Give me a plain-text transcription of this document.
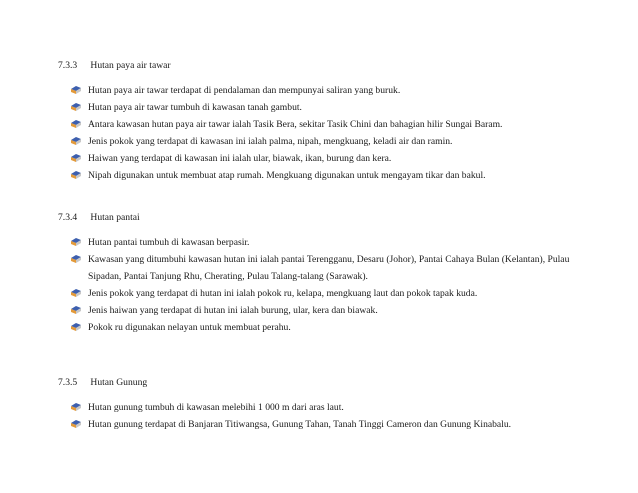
7.3.3 Hutan paya air tawar
Hutan paya air tawar terdapat di pendalaman dan mempunyai saliran yang buruk.
Hutan paya air tawar tumbuh di kawasan tanah gambut.
Antara kawasan hutan paya air tawar ialah Tasik Bera, sekitar Tasik Chini dan bahagian hilir Sungai Baram.
Jenis pokok yang terdapat di kawasan ini ialah palma, nipah, mengkuang, keladi air dan ramin.
Haiwan yang terdapat di kawasan ini ialah ular, biawak, ikan, burung dan kera.
Nipah digunakan untuk membuat atap rumah. Mengkuang digunakan untuk mengayam tikar dan bakul.
7.3.4 Hutan pantai
Hutan pantai tumbuh di kawasan berpasir.
Kawasan yang ditumbuhi kawasan hutan ini ialah pantai Terengganu, Desaru (Johor), Pantai Cahaya Bulan (Kelantan), Pulau Sipadan, Pantai Tanjung Rhu, Cherating, Pulau Talang-talang (Sarawak).
Jenis pokok yang terdapat di hutan ini ialah pokok ru, kelapa, mengkuang laut dan pokok tapak kuda.
Jenis haiwan yang terdapat di hutan ini ialah burung, ular, kera dan biawak.
Pokok ru digunakan nelayan untuk membuat perahu.
7.3.5 Hutan Gunung
Hutan gunung tumbuh di kawasan melebihi 1 000 m dari aras laut.
Hutan gunung terdapat di Banjaran Titiwangsa, Gunung Tahan, Tanah Tinggi Cameron dan Gunung Kinabalu.
